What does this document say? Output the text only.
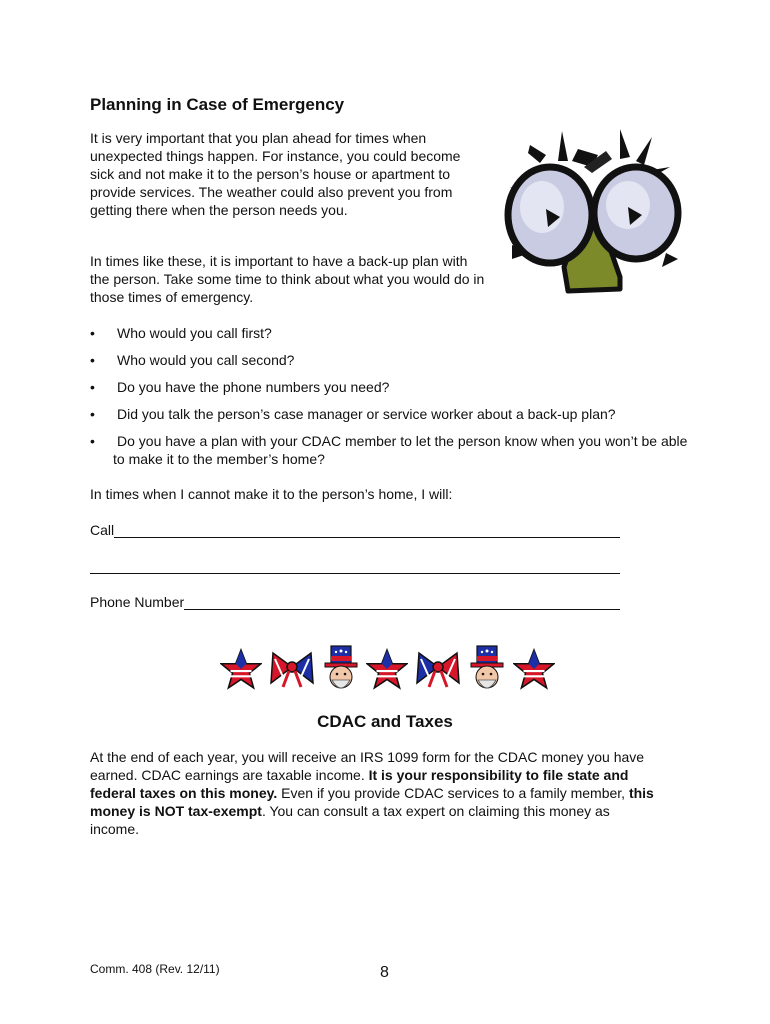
Planning in Case of Emergency

It is very important that you plan ahead for times when unexpected things happen. For instance, you could become sick and not make it to the person’s house or apartment to provide services. The weather could also prevent you from getting there when the person needs you.

In times like these, it is important to have a back-up plan with the person. Take some time to think about what you would do in those times of emergency.

•	Who would you call first?
•	Who would you call second?
•	Do you have the phone numbers you need?
•	Did you talk the person’s case manager or service worker about a back-up plan?
•	Do you have a plan with your CDAC member to let the person know when you won’t be able to make it to the member’s home?

In times when I cannot make it to the person’s home, I will:

Call
Phone Number
CDAC and Taxes

At the end of each year, you will receive an IRS 1099 form for the CDAC money you have earned. CDAC earnings are taxable income. It is your responsibility to file state and federal taxes on this money. Even if you provide CDAC services to a family member, this money is NOT tax-exempt. You can consult a tax expert on claiming this money as income.

Comm. 408 (Rev. 12/11)	8
